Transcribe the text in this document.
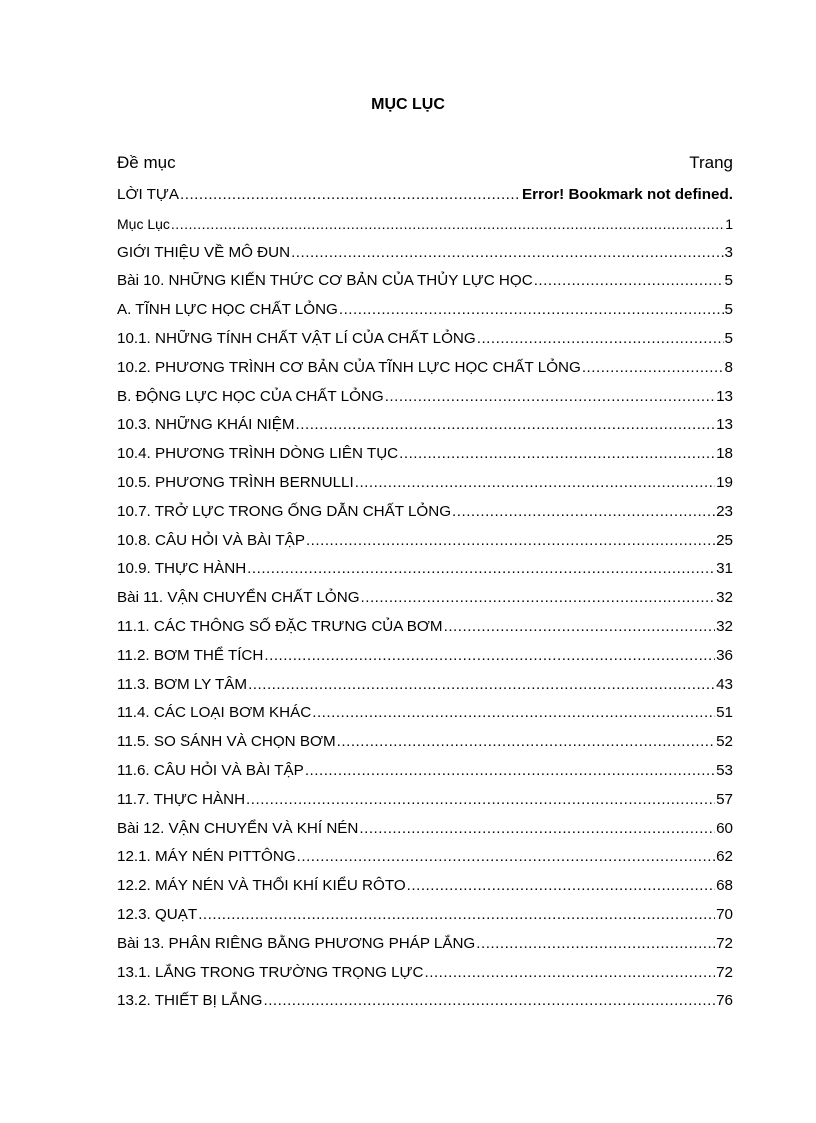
MỤC LỤC
Đề mục	Trang
LỜI TỰA .....	Error! Bookmark not defined.
Mục Lục .....	1
GIỚI THIỆU VỀ MÔ ĐUN .....	3
Bài 10. NHỮNG KIẾN THỨC CƠ BẢN CỦA THỦY LỰC HỌC .....	5
A. TĨNH LỰC HỌC CHẤT LỎNG .....	5
10.1. NHỮNG TÍNH CHẤT VẬT LÍ CỦA CHẤT LỎNG .....	5
10.2. PHƯƠNG TRÌNH CƠ BẢN CỦA TĨNH LỰC HỌC CHẤT LỎNG .....	8
B. ĐỘNG LỰC HỌC CỦA CHẤT LỎNG .....	13
10.3. NHỮNG KHÁI NIỆM .....	13
10.4. PHƯƠNG TRÌNH DÒNG LIÊN TỤC .....	18
10.5. PHƯƠNG TRÌNH BERNULLI .....	19
10.7. TRỞ LỰC TRONG ỐNG DẪN CHẤT LỎNG .....	23
10.8. CÂU HỎI VÀ BÀI TẬP .....	25
10.9. THỰC HÀNH .....	31
Bài 11. VẬN CHUYỂN CHẤT LỎNG .....	32
11.1. CÁC THÔNG SỐ ĐẶC TRƯNG CỦA BƠM .....	32
11.2. BƠM THỂ TÍCH .....	36
11.3. BƠM LY TÂM .....	43
11.4. CÁC LOẠI BƠM KHÁC .....	51
11.5. SO SÁNH VÀ CHỌN BƠM .....	52
11.6. CÂU HỎI VÀ BÀI TẬP .....	53
11.7. THỰC HÀNH .....	57
Bài 12. VẬN CHUYỂN VÀ KHÍ NÉN .....	60
12.1. MÁY NÉN PITTÔNG .....	62
12.2. MÁY NÉN VÀ THỔI KHÍ KIỂU RÔTO .....	68
12.3. QUẠT .....	70
Bài 13. PHÂN RIÊNG BẰNG PHƯƠNG PHÁP LẮNG .....	72
13.1. LẮNG TRONG TRƯỜNG TRỌNG LỰC .....	72
13.2. THIẾT BỊ LẮNG .....	76
